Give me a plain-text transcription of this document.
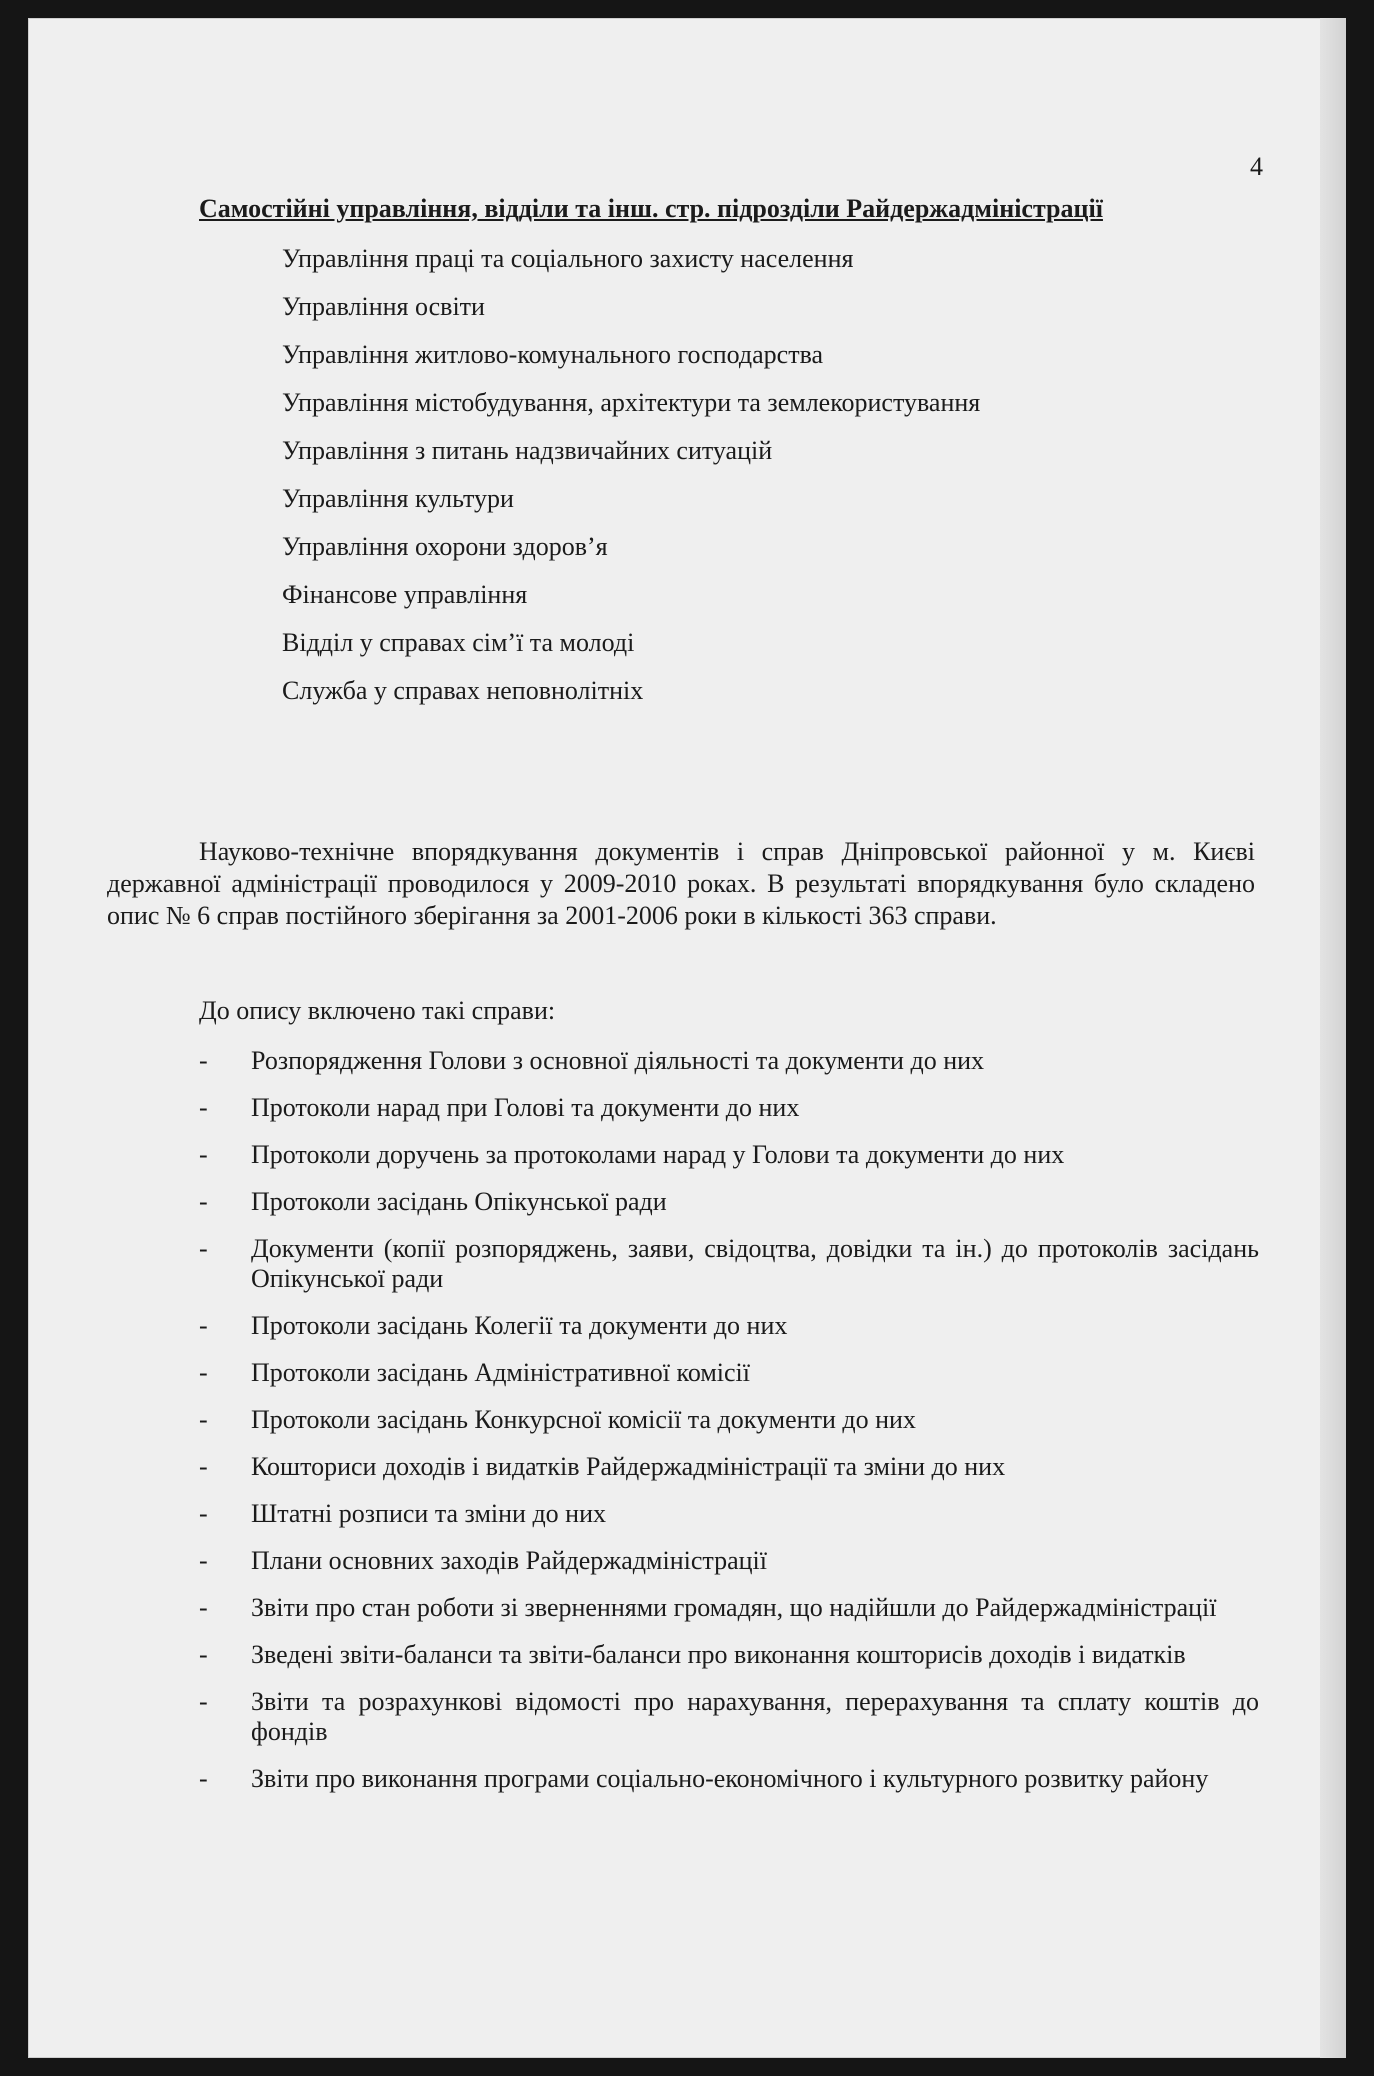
4
Самостійні управління, відділи та інш. стр. підрозділи Райдержадміністрації
Управління праці та соціального захисту населення
Управління освіти
Управління житлово-комунального господарства
Управління містобудування, архітектури та землекористування
Управління з питань надзвичайних ситуацій
Управління культури
Управління охорони здоров’я
Фінансове управління
Відділ у справах сім’ї та молоді
Служба у справах неповнолітніх

Науково-технічне впорядкування документів і справ Дніпровської районної у м. Києві державної адміністрації проводилося у 2009-2010 роках. В результаті впорядкування було складено опис № 6 справ постійного зберігання за 2001-2006 роки в кількості 363 справи.

До опису включено такі справи:

- Розпорядження Голови з основної діяльності та документи до них
- Протоколи нарад при Голові та документи до них
- Протоколи доручень за протоколами нарад у Голови та документи до них
- Протоколи засідань Опікунської ради
- Документи (копії розпоряджень, заяви, свідоцтва, довідки та ін.) до протоколів засідань Опікунської ради
- Протоколи засідань Колегії та документи до них
- Протоколи засідань Адміністративної комісії
- Протоколи засідань Конкурсної комісії та документи до них
- Кошториси доходів і видатків Райдержадміністрації та зміни до них
- Штатні розписи та зміни до них
- Плани основних заходів Райдержадміністрації
- Звіти про стан роботи зі зверненнями громадян, що надійшли до Райдержадміністрації
- Зведені звіти-баланси та звіти-баланси про виконання кошторисів доходів і видатків
- Звіти та розрахункові відомості про нарахування, перерахування та сплату коштів до фондів
- Звіти про виконання програми соціально-економічного і культурного розвитку району
